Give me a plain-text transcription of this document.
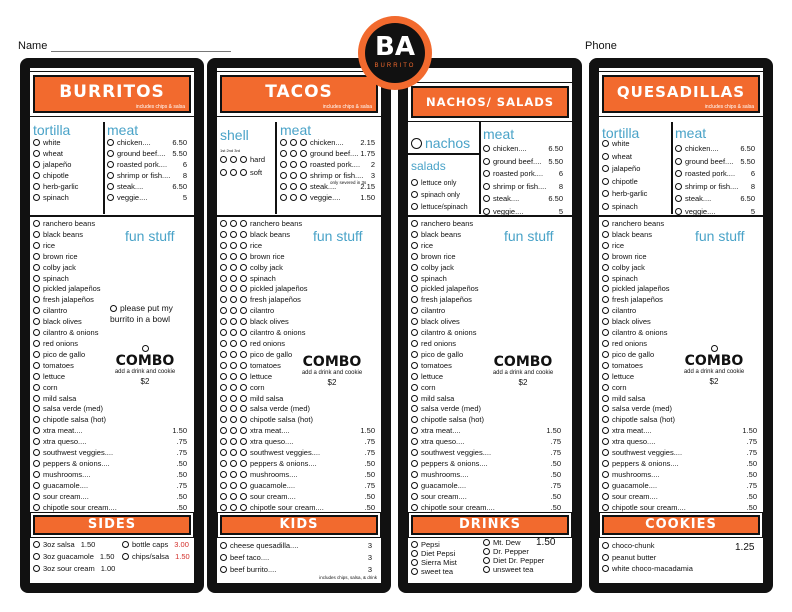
Name	Phone
BA
BURRITO
BURRITOS
includes chips & salsa
tortilla
white
wheat
jalapeño
chipotle
herb-garlic
spinach
meat
chicken....	6.50
ground beef.... 5.50
roasted pork.... 6
shrimp or fish.... 8
steak....	6.50
veggie....	5
fun stuff
ranchero beans
black beans
rice
brown rice
colby jack
spinach
pickled jalapeños
fresh jalapeños
cilantro
black olives
cilantro & onions
red onions
pico de gallo
tomatoes
lettuce
corn
mild salsa
salsa verde (med)
chipotle salsa (hot)
xtra meat....	1.50
xtra queso....	.75
southwest veggies....	.75
peppers & onions....	.50
mushrooms....	.50
guacamole....	.75
sour cream....	.50
chipotle sour cream....	.50
please put my burrito in a bowl
COMBO
add a drink and cookie
$2
SIDES
3oz salsa 1.50
3oz guacamole 1.50
3oz sour cream 1.00
bottle caps 3.00
chips/salsa 1.50
TACOS
includes chips & salsa
shell
1st 2nd 3rd
hard
soft
meat
chicken.... 2.15
ground beef.... 1.75
roasted pork.... 2
shrimp or fish.... 3
steak....	2.15
veggie....	1.50
only severed in 3s
fun stuff
ranchero beans
black beans
rice
brown rice
colby jack
spinach
pickled jalapeños
fresh jalapeños
cilantro
black olives
cilantro & onions
red onions
pico de gallo
tomatoes
lettuce
corn
mild salsa
salsa verde (med)
chipotle salsa (hot)
xtra meat....	1.50
xtra queso....	.75
southwest veggies....	.75
peppers & onions....	.50
mushrooms....	.50
guacamole....	.75
sour cream....	.50
chipotle sour cream....	.50
COMBO
add a drink and cookie
$2
KIDS
cheese quesadilla....	3
beef taco....	3
beef burrito....	3
includes chips, salsa, & drink
NACHOS/ SALADS
nachos
salads
lettuce only
spinach only
lettuce/spinach
meat
chicken....	6.50
ground beef.... 5.50
roasted pork.... 6
shrimp or fish.... 8
steak....	6.50
veggie....	5
fun stuff
ranchero beans
black beans
rice
brown rice
colby jack
spinach
pickled jalapeños
fresh jalapeños
cilantro
black olives
cilantro & onions
red onions
pico de gallo
tomatoes
lettuce
corn
mild salsa
salsa verde (med)
chipotle salsa (hot)
xtra meat....	1.50
xtra queso....	.75
southwest veggies....	.75
peppers & onions....	.50
mushrooms....	.50
guacamole....	.75
sour cream....	.50
chipotle sour cream....	.50
COMBO
add a drink and cookie
$2
DRINKS
1.50
Pepsi
Diet Pepsi
Sierra Mist
sweet tea
Mt. Dew
Dr. Pepper
Diet Dr. Pepper
unsweet tea
QUESADILLAS
includes chips & salsa
tortilla
white
wheat
jalapeño
chipotle
herb-garlic
spinach
meat
chicken....	6.50
ground beef.... 5.50
roasted pork.... 6
shrimp or fish.... 8
steak....	6.50
veggie....	5
fun stuff
ranchero beans
black beans
rice
brown rice
colby jack
spinach
pickled jalapeños
fresh jalapeños
cilantro
black olives
cilantro & onions
red onions
pico de gallo
tomatoes
lettuce
corn
mild salsa
salsa verde (med)
chipotle salsa (hot)
xtra meat....	1.50
xtra queso....	.75
southwest veggies....	.75
peppers & onions....	.50
mushrooms....	.50
guacamole....	.75
sour cream....	.50
chipotle sour cream....	.50
COMBO
add a drink and cookie
$2
COOKIES
1.25
choco-chunk
peanut butter
white choco-macadamia
